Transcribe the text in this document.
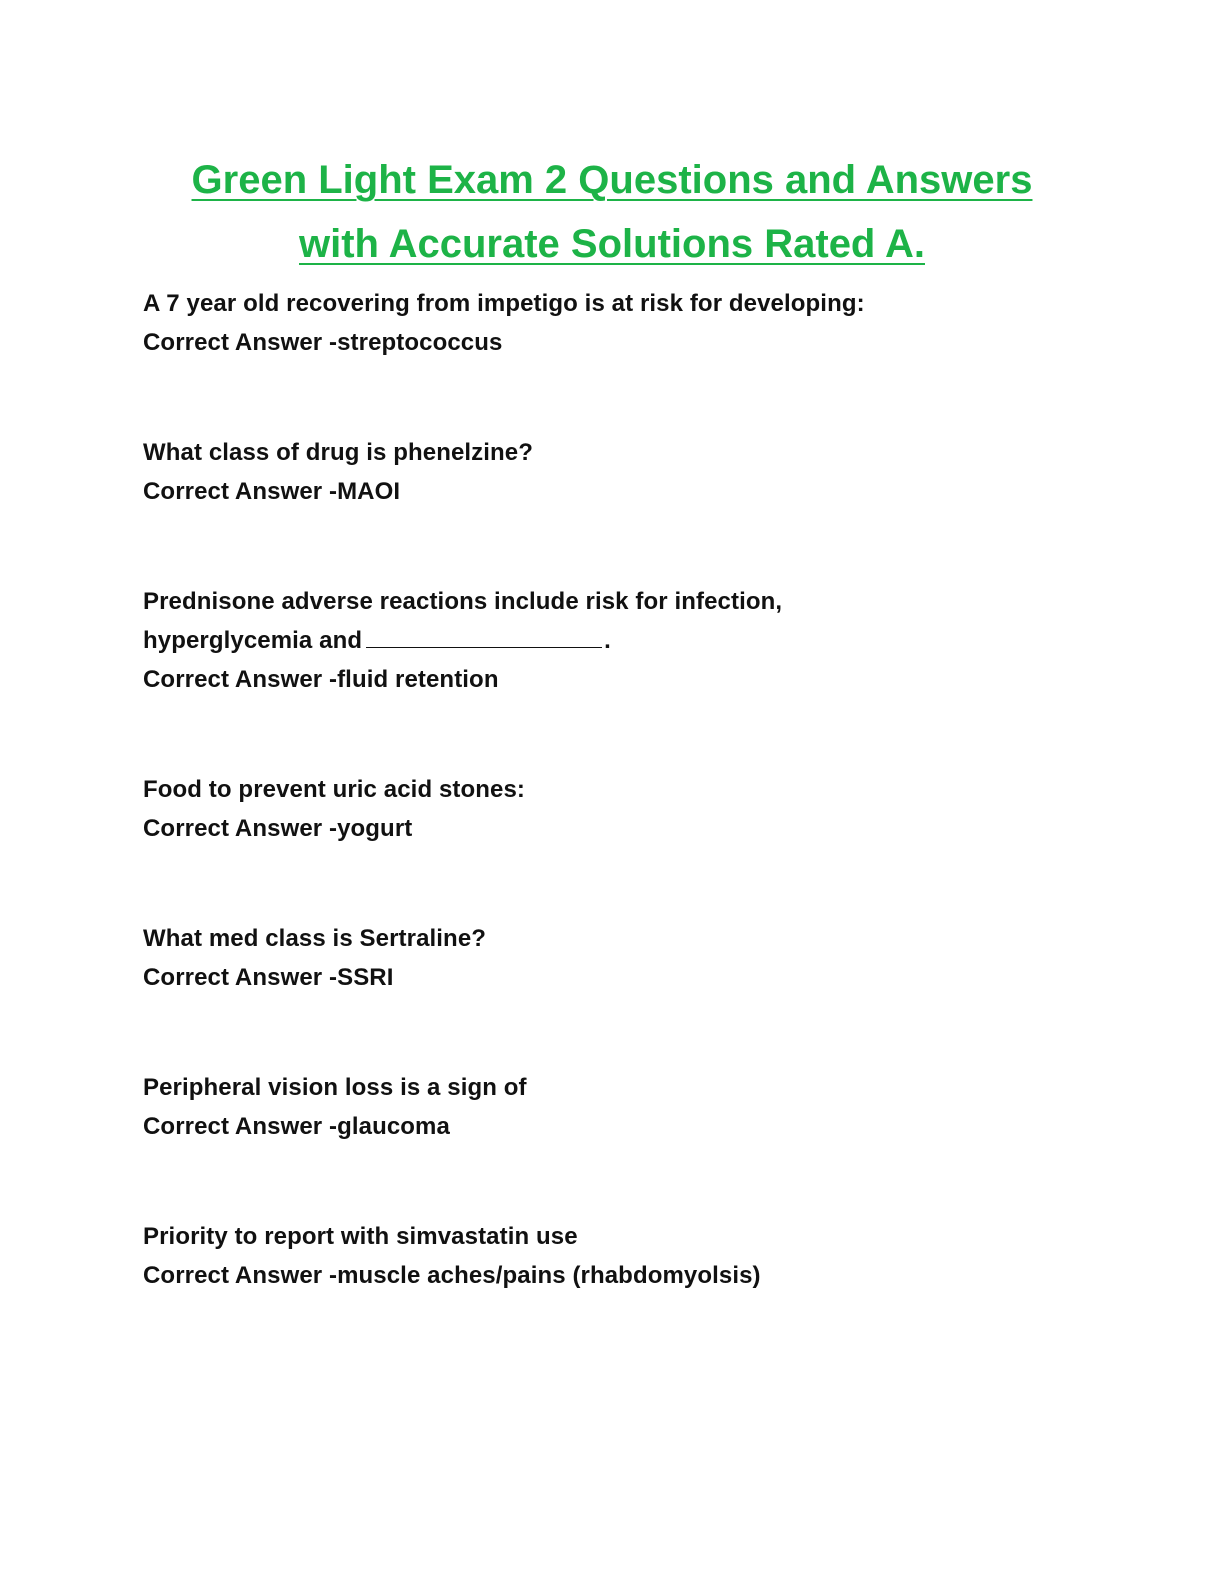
Green Light Exam 2 Questions and Answers
with Accurate Solutions Rated A.
A 7 year old recovering from impetigo is at risk for developing:
Correct Answer -streptococcus
What class of drug is phenelzine?
Correct Answer -MAOI
Prednisone adverse reactions include risk for infection,
hyperglycemia and	.
Correct Answer -fluid retention
Food to prevent uric acid stones:
Correct Answer -yogurt
What med class is Sertraline?
Correct Answer -SSRI
Peripheral vision loss is a sign of
Correct Answer -glaucoma
Priority to report with simvastatin use
Correct Answer -muscle aches/pains (rhabdomyolsis)
